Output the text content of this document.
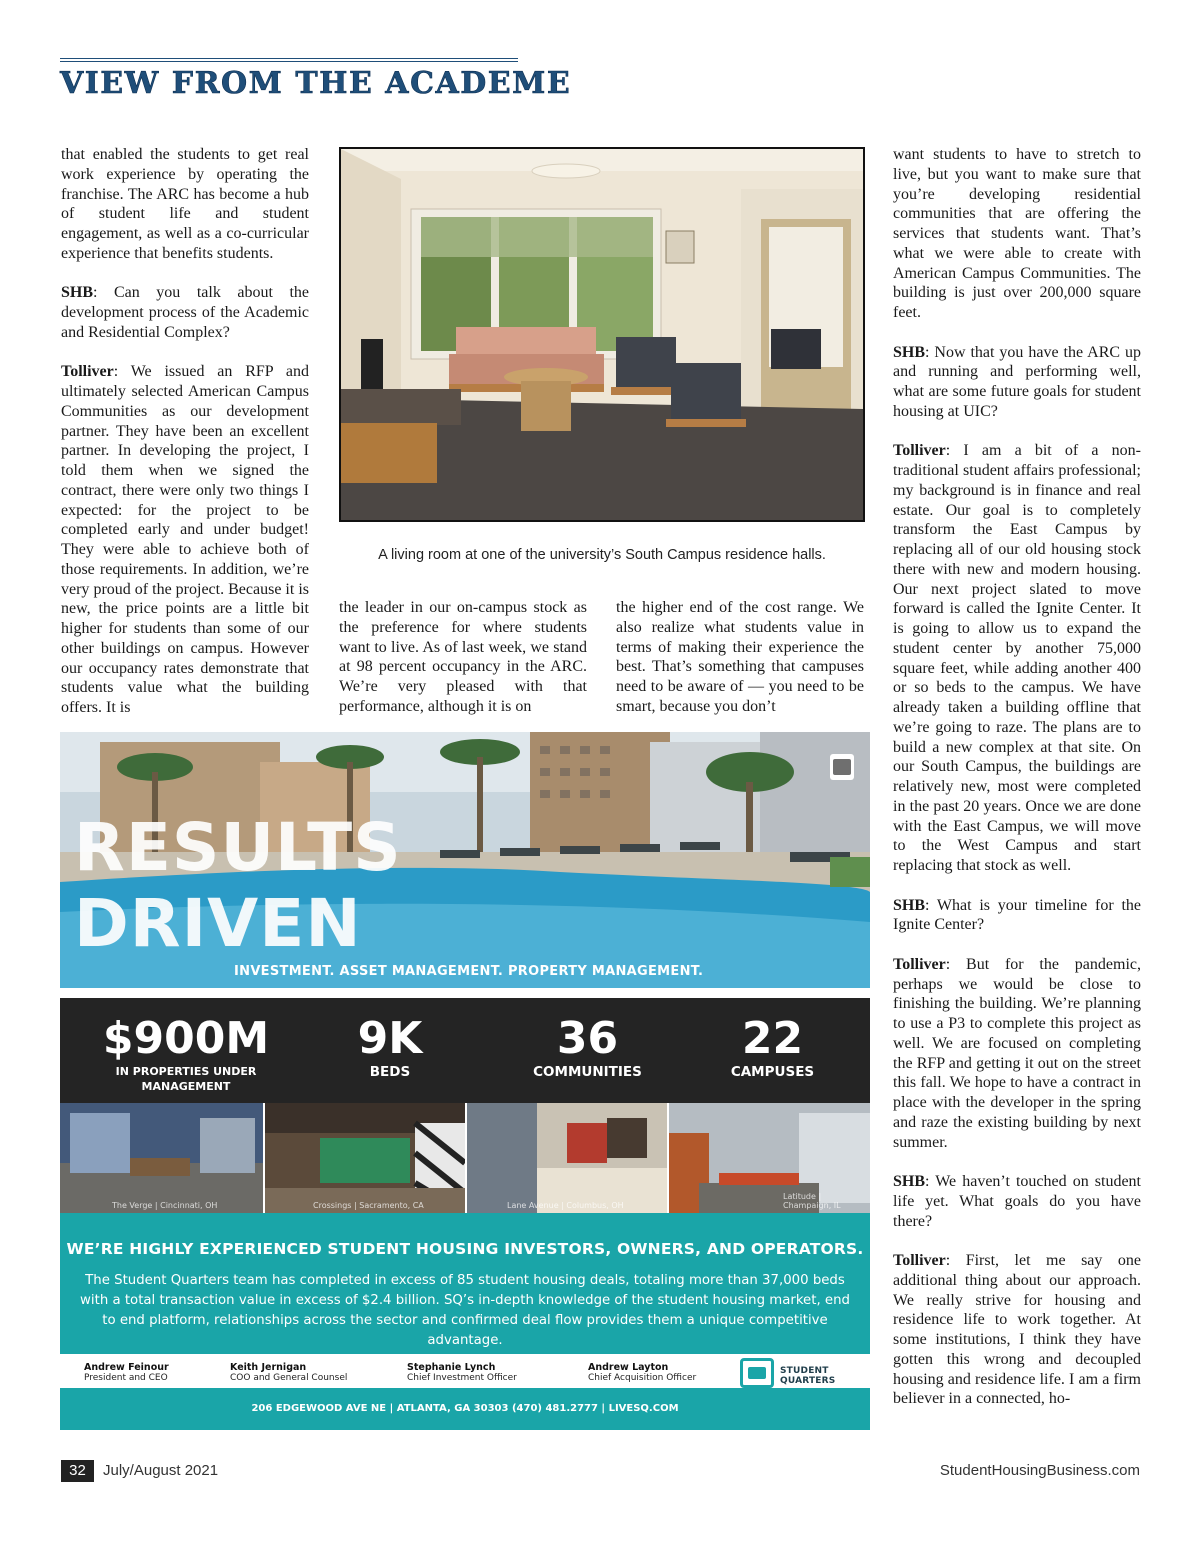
VIEW FROM THE ACADEME

that enabled the students to get real work experience by operating the franchise. The ARC has become a hub of student life and student engagement, as well as a co-curricular experience that benefits students.

SHB: Can you talk about the development process of the Academic and Residential Complex?

Tolliver: We issued an RFP and ultimately selected American Campus Communities as our development partner. They have been an excellent partner. In developing the project, I told them when we signed the contract, there were only two things I expected: for the project to be completed early and under budget! They were able to achieve both of those requirements. In addition, we’re very proud of the project. Because it is new, the price points are a little bit higher for students than some of our other buildings on campus. However our occupancy rates demonstrate that students value what the building offers. It is

A living room at one of the university’s South Campus residence halls.

the leader in our on-campus stock as the preference for where students want to live. As of last week, we stand at 98 percent occupancy in the ARC. We’re very pleased with that performance, although it is on

the higher end of the cost range. We also realize what students value in terms of making their experience the best. That’s something that campuses need to be aware of — you need to be smart, because you don’t

want students to have to stretch to live, but you want to make sure that you’re developing residential communities that are offering the services that students want. That’s what we were able to create with American Campus Communities. The building is just over 200,000 square feet.

SHB: Now that you have the ARC up and running and performing well, what are some future goals for student housing at UIC?

Tolliver: I am a bit of a non-traditional student affairs professional; my background is in finance and real estate. Our goal is to completely transform the East Campus by replacing all of our old housing stock there with new and modern housing. Our next project slated to move forward is called the Ignite Center. It is going to allow us to expand the student center by another 75,000 square feet, while adding another 400 or so beds to the campus. We have already taken a building offline that we’re going to raze. The plans are to build a new complex at that site. On our South Campus, the buildings are relatively new, most were completed in the past 20 years. Once we are done with the East Campus, we will move to the West Campus and start replacing that stock as well.

SHB: What is your timeline for the Ignite Center?

Tolliver: But for the pandemic, perhaps we would be close to finishing the building. We’re planning to use a P3 to complete this project as well. We are focused on completing the RFP and getting it out on the street this fall. We hope to have a contract in place with the developer in the spring and raze the existing building by next summer.

SHB: We haven’t touched on student life yet. What goals do you have there?

Tolliver: First, let me say one additional thing about our approach. We really strive for housing and residence life to work together. At some institutions, I think they have gotten this wrong and decoupled housing and residence life. I am a firm believer in a connected, ho-

RESULTS
DRIVEN
INVESTMENT. ASSET MANAGEMENT. PROPERTY MANAGEMENT.
$900M
IN PROPERTIES UNDER MANAGEMENT
9K
BEDS
36
COMMUNITIES
22
CAMPUSES
The Verge | Cincinnati, OH	Crossings | Sacramento, CA	Lane Avenue | Columbus, OH
Latitude | Champaign, IL
WE’RE HIGHLY EXPERIENCED STUDENT HOUSING INVESTORS, OWNERS, AND OPERATORS.
The Student Quarters team has completed in excess of 85 student housing deals, totaling more than 37,000 beds with a total transaction value in excess of $2.4 billion. SQ’s in-depth knowledge of the student housing market, end to end platform, relationships across the sector and confirmed deal flow provides them a unique competitive advantage.
Andrew Feinour
President and CEO
Keith Jernigan
COO and General Counsel
Stephanie Lynch
Chief Investment Officer
Andrew Layton
Chief Acquisition Officer
STUDENT QUARTERS
206 EDGEWOOD AVE NE | ATLANTA, GA 30303 (470) 481.2777 | LIVESQ.COM
32	July/August 2021	StudentHousingBusiness.com
